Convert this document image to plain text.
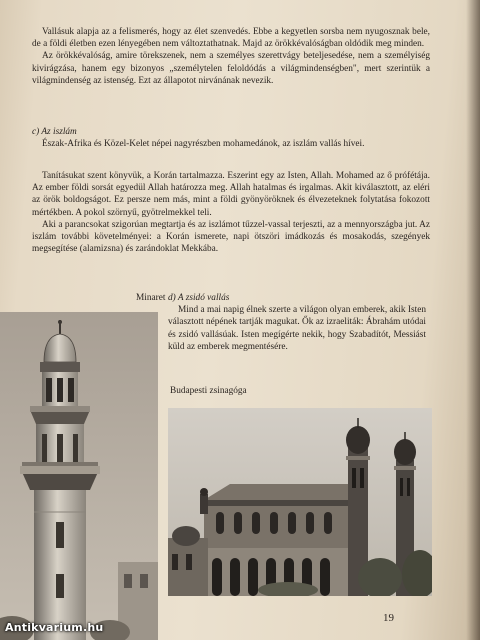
Vallásuk alapja az a felismerés, hogy az élet szenvedés. Ebbe a kegyetlen sorsba nem nyugosznak bele, de a földi életben ezen lényegében nem változtathatnak. Majd az örökkévalóságban oldódik meg minden.

Az örökkévalóság, amire törekszenek, nem a személyes szerettvágy beteljesedése, nem a személyiség kivirágzása, hanem egy bizonyos „személytelen feloldódás a világmindenségben", mert szerintük a világmindenség az istenség. Ezt az állapotot nirvánának nevezik.

c) Az iszlám

Észak-Afrika és Közel-Kelet népei nagyrészben mohamedánok, az iszlám vallás hívei.

Tanításukat szent könyvük, a Korán tartalmazza. Eszerint egy az Isten, Allah. Mohamed az ő prófétája. Az ember földi sorsát egyedül Allah határozza meg. Allah hatalmas és irgalmas. Akit kiválasztott, az eléri az örök boldogságot. Ez persze nem más, mint a földi gyönyöröknek és élvezeteknek folytatása fokozott mértékben. A pokol szörnyű, gyötrelmekkel teli.

Aki a parancsokat szigorúan megtartja és az iszlámot tűzzel-vassal terjeszti, az a mennyországba jut. Az iszlám további követelményei: a Korán ismerete, napi ötszöri imádkozás és mosakodás, szegények megsegítése (alamizsna) és zarándoklat Mekkába.

Minaret d) A zsidó vallás

Mind a mai napig élnek szerte a világon olyan emberek, akik Isten választott népének tartják magukat. Ők az izraeliták: Ábrahám utódai és zsidó vallásúak. Isten megígérte nekik, hogy Szabadítót, Messiást küld az emberek megmentésére.

Budapesti zsinagóga
19
Antikvarium.hu
